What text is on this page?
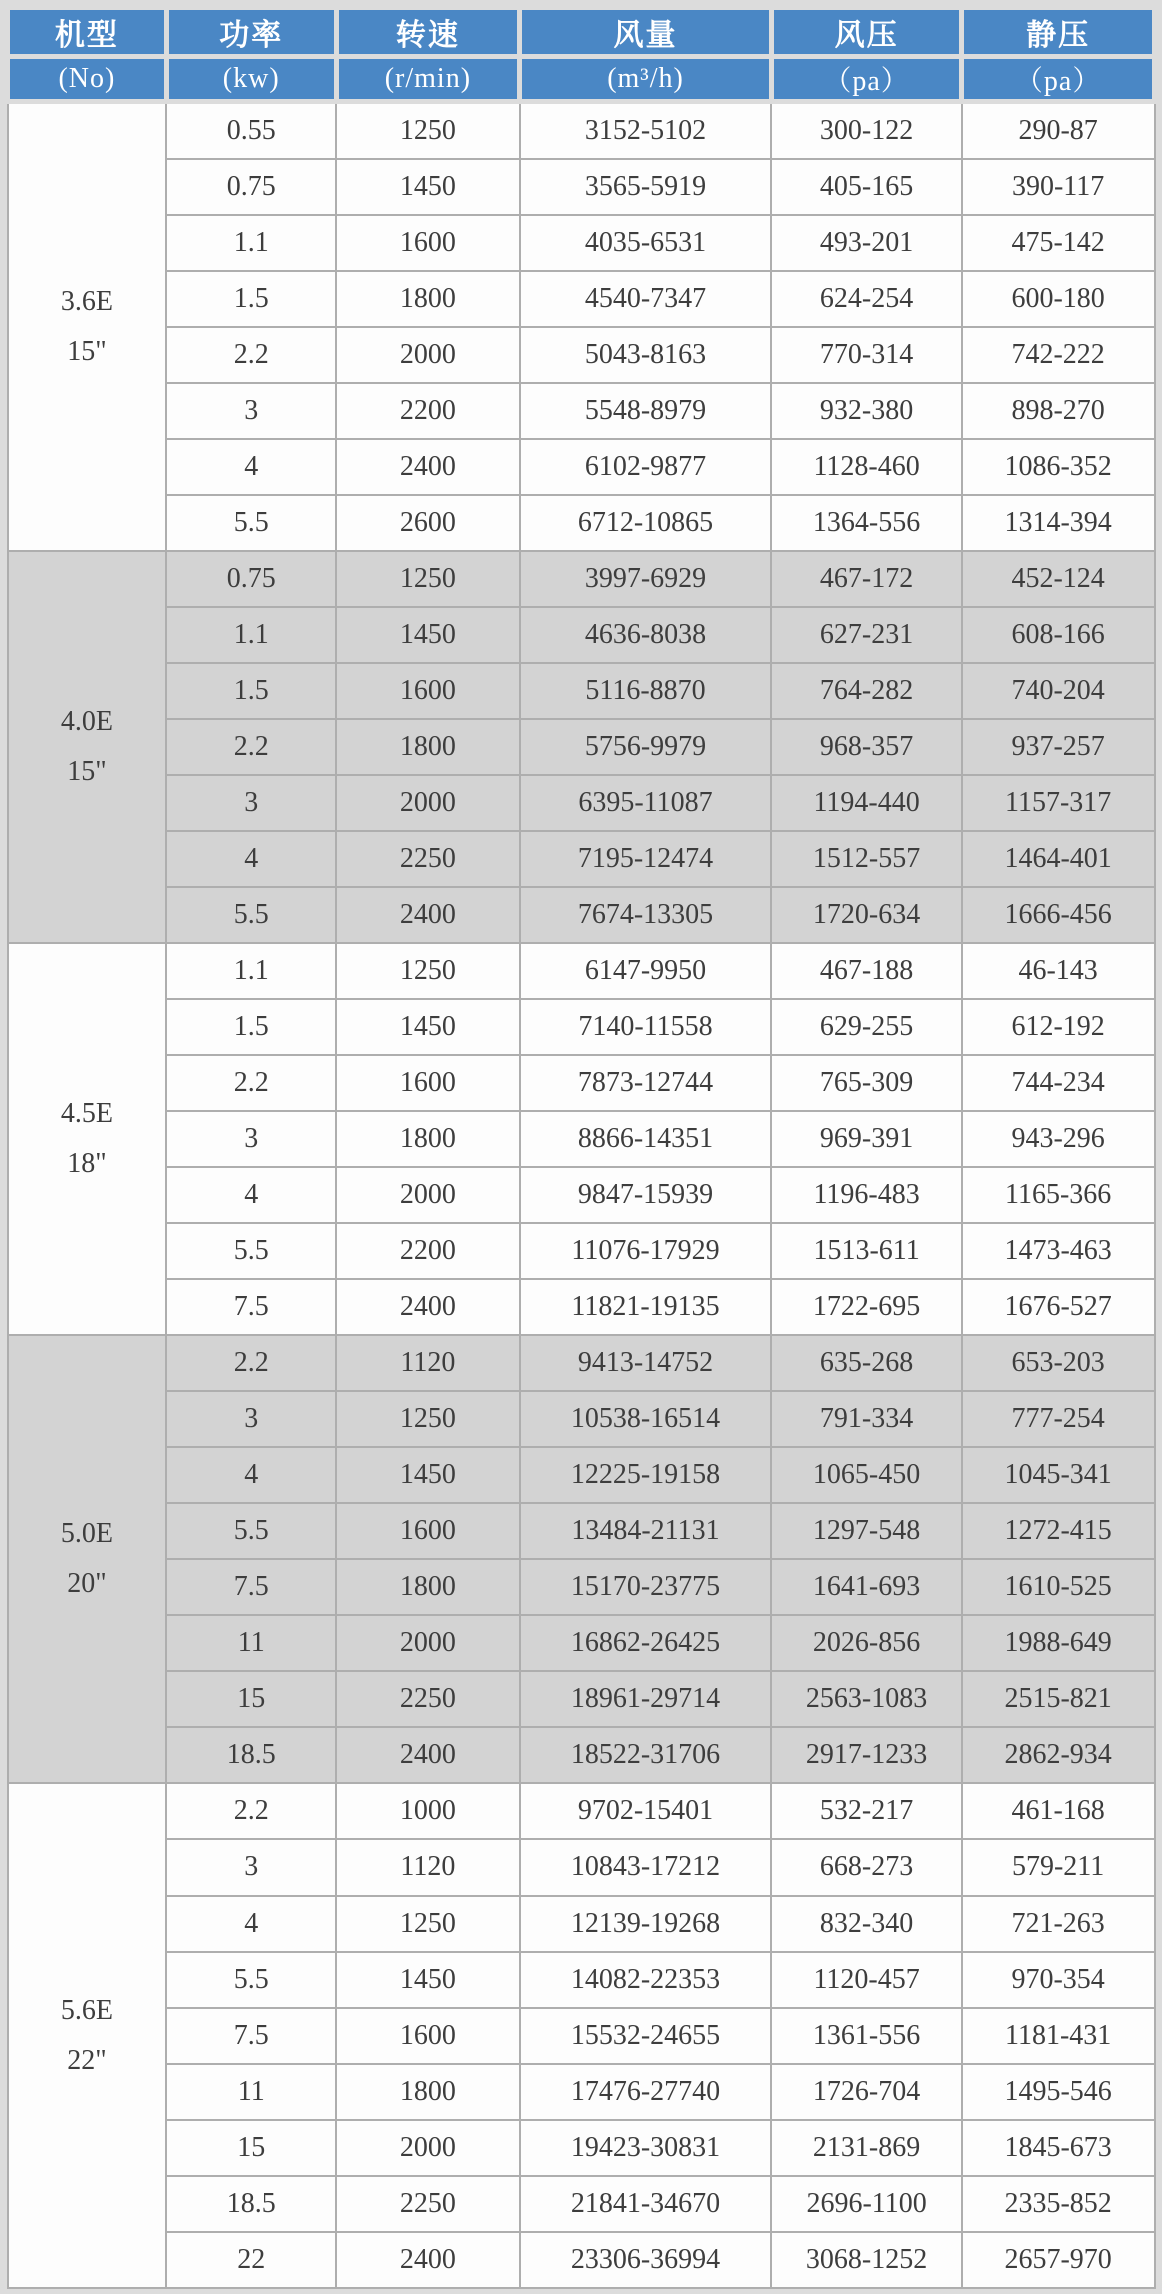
机型	功率	转速	风量	风压	静压
(No)	(kw)	(r/min)	(m³/h)	（pa）	（pa）

3.6E
15"	0.55	1250	3152-5102	300-122	290-87
	0.75	1450	3565-5919	405-165	390-117
	1.1	1600	4035-6531	493-201	475-142
	1.5	1800	4540-7347	624-254	600-180
	2.2	2000	5043-8163	770-314	742-222
	3	2200	5548-8979	932-380	898-270
	4	2400	6102-9877	1128-460	1086-352
	5.5	2600	6712-10865	1364-556	1314-394

4.0E
15"	0.75	1250	3997-6929	467-172	452-124
	1.1	1450	4636-8038	627-231	608-166
	1.5	1600	5116-8870	764-282	740-204
	2.2	1800	5756-9979	968-357	937-257
	3	2000	6395-11087	1194-440	1157-317
	4	2250	7195-12474	1512-557	1464-401
	5.5	2400	7674-13305	1720-634	1666-456

4.5E
18"	1.1	1250	6147-9950	467-188	46-143
	1.5	1450	7140-11558	629-255	612-192
	2.2	1600	7873-12744	765-309	744-234
	3	1800	8866-14351	969-391	943-296
	4	2000	9847-15939	1196-483	1165-366
	5.5	2200	11076-17929	1513-611	1473-463
	7.5	2400	11821-19135	1722-695	1676-527

5.0E
20"	2.2	1120	9413-14752	635-268	653-203
	3	1250	10538-16514	791-334	777-254
	4	1450	12225-19158	1065-450	1045-341
	5.5	1600	13484-21131	1297-548	1272-415
	7.5	1800	15170-23775	1641-693	1610-525
	11	2000	16862-26425	2026-856	1988-649
	15	2250	18961-29714	2563-1083	2515-821
	18.5	2400	18522-31706	2917-1233	2862-934

5.6E
22"	2.2	1000	9702-15401	532-217	461-168
	3	1120	10843-17212	668-273	579-211
	4	1250	12139-19268	832-340	721-263
	5.5	1450	14082-22353	1120-457	970-354
	7.5	1600	15532-24655	1361-556	1181-431
	11	1800	17476-27740	1726-704	1495-546
	15	2000	19423-30831	2131-869	1845-673
	18.5	2250	21841-34670	2696-1100	2335-852
	22	2400	23306-36994	3068-1252	2657-970
